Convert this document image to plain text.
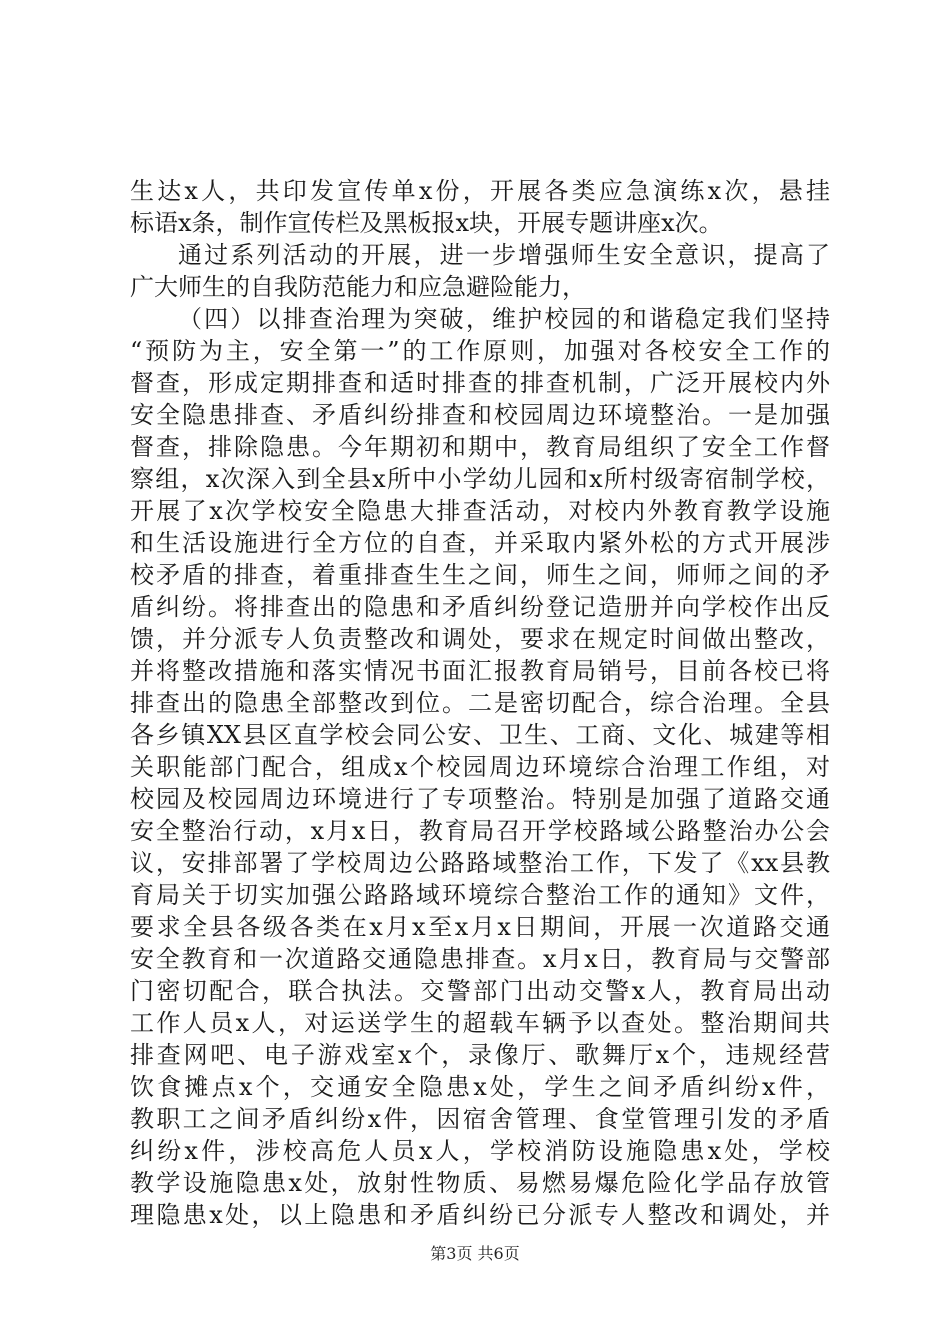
生达x人，共印发宣传单x份，开展各类应急演练x次，悬挂
标语x条，制作宣传栏及黑板报x块，开展专题讲座x次。
通过系列活动的开展，进一步增强师生安全意识，提高了
广大师生的自我防范能力和应急避险能力，
（四）以排查治理为突破，维护校园的和谐稳定我们坚持
“预防为主，安全第一”的工作原则，加强对各校安全工作的
督查，形成定期排查和适时排查的排查机制，广泛开展校内外
安全隐患排查、矛盾纠纷排查和校园周边环境整治。一是加强
督查，排除隐患。今年期初和期中，教育局组织了安全工作督
察组，x次深入到全县x所中小学幼儿园和x所村级寄宿制学校，
开展了x次学校安全隐患大排查活动，对校内外教育教学设施
和生活设施进行全方位的自查，并采取内紧外松的方式开展涉
校矛盾的排查，着重排查生生之间，师生之间，师师之间的矛
盾纠纷。将排查出的隐患和矛盾纠纷登记造册并向学校作出反
馈，并分派专人负责整改和调处，要求在规定时间做出整改，
并将整改措施和落实情况书面汇报教育局销号，目前各校已将
排查出的隐患全部整改到位。二是密切配合，综合治理。全县
各乡镇XX县区直学校会同公安、卫生、工商、文化、城建等相
关职能部门配合，组成x个校园周边环境综合治理工作组，对
校园及校园周边环境进行了专项整治。特别是加强了道路交通
安全整治行动，x月x日，教育局召开学校路域公路整治办公会
议，安排部署了学校周边公路路域整治工作，下发了《xx县教
育局关于切实加强公路路域环境综合整治工作的通知》文件，
要求全县各级各类在x月x至x月x日期间，开展一次道路交通
安全教育和一次道路交通隐患排查。x月x日，教育局与交警部
门密切配合，联合执法。交警部门出动交警x人，教育局出动
工作人员x人，对运送学生的超载车辆予以查处。整治期间共
排查网吧、电子游戏室x个，录像厅、歌舞厅x个，违规经营
饮食摊点x个，交通安全隐患x处，学生之间矛盾纠纷x件，
教职工之间矛盾纠纷x件，因宿舍管理、食堂管理引发的矛盾
纠纷x件，涉校高危人员x人，学校消防设施隐患x处，学校
教学设施隐患x处，放射性物质、易燃易爆危险化学品存放管
理隐患x处，以上隐患和矛盾纠纷已分派专人整改和调处，并
第3页 共6页
